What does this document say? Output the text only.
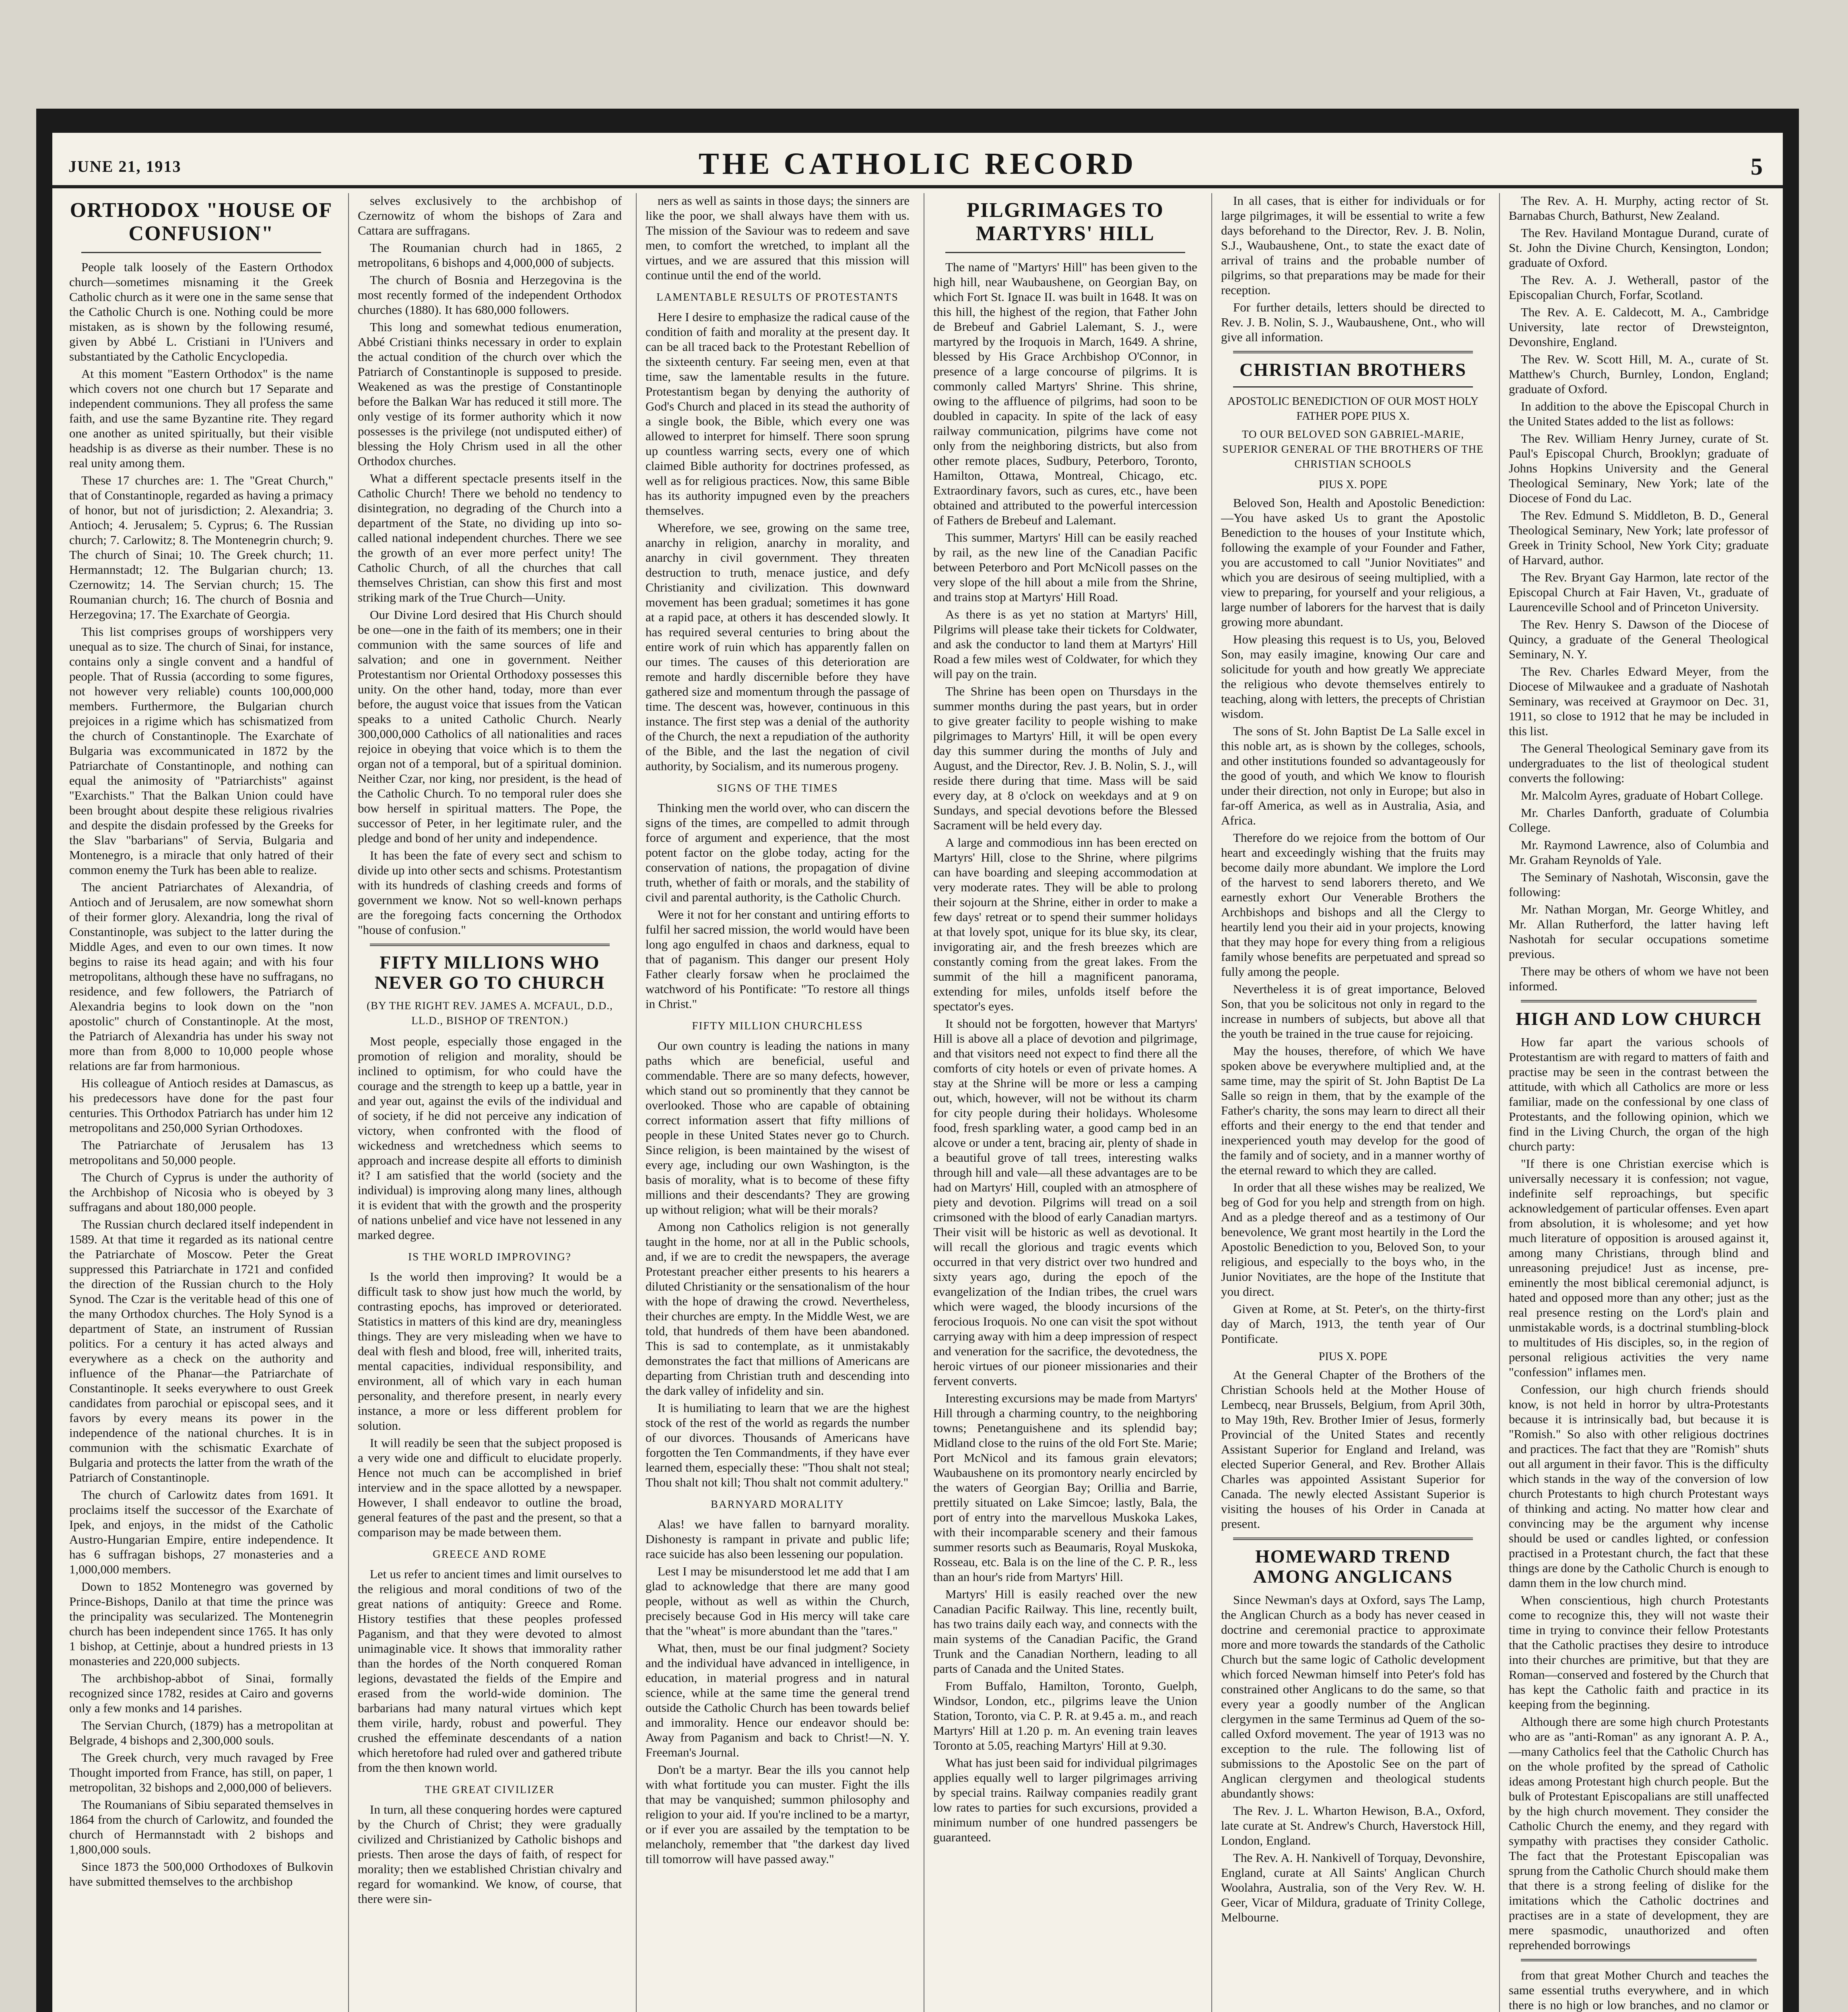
JUNE 21, 1913	THE CATHOLIC RECORD	5
ORTHODOX "HOUSE OF CONFUSION"

People talk loosely of the Eastern Orthodox church—sometimes misnaming it the Greek Catholic church as it were one in the same sense that the Catholic Church is one. Nothing could be more mistaken, as is shown by the following resumé, given by Abbé L. Cristiani in l'Univers and substantiated by the Catholic Encyclopedia.

At this moment "Eastern Orthodox" is the name which covers not one church but 17 Separate and independent communions. They all profess the same faith, and use the same Byzantine rite. They regard one another as united spiritually, but their visible headship is as diverse as their number. These is no real unity among them.

These 17 churches are: 1. The "Great Church," that of Constantinople, regarded as having a primacy of honor, but not of jurisdiction; 2. Alexandria; 3. Antioch; 4. Jerusalem; 5. Cyprus; 6. The Russian church; 7. Carlowitz; 8. The Montenegrin church; 9. The church of Sinai; 10. The Greek church; 11. Hermannstadt; 12. The Bulgarian church; 13. Czernowitz; 14. The Servian church; 15. The Roumanian church; 16. The church of Bosnia and Herzegovina; 17. The Exarchate of Georgia.

This list comprises groups of worshippers very unequal as to size. The church of Sinai, for instance, contains only a single convent and a handful of people. That of Russia (according to some figures, not however very reliable) counts 100,000,000 members. Furthermore, the Bulgarian church prejoices in a rigime which has schismatized from the church of Constantinople. The Exarchate of Bulgaria was excommunicated in 1872 by the Patriarchate of Constantinople, and nothing can equal the animosity of "Patriarchists" against "Exarchists." That the Balkan Union could have been brought about despite these religious rivalries and despite the disdain professed by the Greeks for the Slav "barbarians" of Servia, Bulgaria and Montenegro, is a miracle that only hatred of their common enemy the Turk has been able to realize.

The ancient Patriarchates of Alexandria, of Antioch and of Jerusalem, are now somewhat shorn of their former glory. Alexandria, long the rival of Constantinople, was subject to the latter during the Middle Ages, and even to our own times. It now begins to raise its head again; and with his four metropolitans, although these have no suffragans, no residence, and few followers, the Patriarch of Alexandria begins to look down on the "non apostolic" church of Constantinople. At the most, the Patriarch of Alexandria has under his sway not more than from 8,000 to 10,000 people whose relations are far from harmonious.

His colleague of Antioch resides at Damascus, as his predecessors have done for the past four centuries. This Orthodox Patriarch has under him 12 metropolitans and 250,000 Syrian Orthodoxes.

The Patriarchate of Jerusalem has 13 metropolitans and 50,000 people.

The Church of Cyprus is under the authority of the Archbishop of Nicosia who is obeyed by 3 suffragans and about 180,000 people.

The Russian church declared itself independent in 1589. At that time it regarded as its national centre the Patriarchate of Moscow. Peter the Great suppressed this Patriarchate in 1721 and confided the direction of the Russian church to the Holy Synod. The Czar is the veritable head of this one of the many Orthodox churches. The Holy Synod is a department of State, an instrument of Russian politics. For a century it has acted always and everywhere as a check on the authority and influence of the Phanar—the Patriarchate of Constantinople. It seeks everywhere to oust Greek candidates from parochial or episcopal sees, and it favors by every means its power in the independence of the national churches. It is in communion with the schismatic Exarchate of Bulgaria and protects the latter from the wrath of the Patriarch of Constantinople.

The church of Carlowitz dates from 1691. It proclaims itself the successor of the Exarchate of Ipek, and enjoys, in the midst of the Catholic Austro-Hungarian Empire, entire independence. It has 6 suffragan bishops, 27 monasteries and a 1,000,000 members.

Down to 1852 Montenegro was governed by Prince-Bishops, Danilo at that time the prince was the principality was secularized. The Montenegrin church has been independent since 1765. It has only 1 bishop, at Cettinje, about a hundred priests in 13 monasteries and 220,000 subjects.

The archbishop-abbot of Sinai, formally recognized since 1782, resides at Cairo and governs only a few monks and 14 parishes.

The Servian Church, (1879) has a metropolitan at Belgrade, 4 bishops and 2,300,000 souls.

The Greek church, very much ravaged by Free Thought imported from France, has still, on paper, 1 metropolitan, 32 bishops and 2,000,000 of believers.

The Roumanians of Sibiu separated themselves in 1864 from the church of Carlowitz, and founded the church of Hermannstadt with 2 bishops and 1,800,000 souls.

Since 1873 the 500,000 Orthodoxes of Bulkovin have submitted themselves to the archbishop

selves exclusively to the archbishop of Czernowitz of whom the bishops of Zara and Cattara are suffragans.

The Roumanian church had in 1865, 2 metropolitans, 6 bishops and 4,000,000 of subjects.

The church of Bosnia and Herzegovina is the most recently formed of the independent Orthodox churches (1880). It has 680,000 followers.

This long and somewhat tedious enumeration, Abbé Cristiani thinks necessary in order to explain the actual condition of the church over which the Patriarch of Constantinople is supposed to preside. Weakened as was the prestige of Constantinople before the Balkan War has reduced it still more. The only vestige of its former authority which it now possesses is the privilege (not undisputed either) of blessing the Holy Chrism used in all the other Orthodox churches.

What a different spectacle presents itself in the Catholic Church! There we behold no tendency to disintegration, no degrading of the Church into a department of the State, no dividing up into so-called national independent churches. There we see the growth of an ever more perfect unity! The Catholic Church, of all the churches that call themselves Christian, can show this first and most striking mark of the True Church—Unity.

Our Divine Lord desired that His Church should be one—one in the faith of its members; one in their communion with the same sources of life and salvation; and one in government. Neither Protestantism nor Oriental Orthodoxy possesses this unity. On the other hand, today, more than ever before, the august voice that issues from the Vatican speaks to a united Catholic Church. Nearly 300,000,000 Catholics of all nationalities and races rejoice in obeying that voice which is to them the organ not of a temporal, but of a spiritual dominion. Neither Czar, nor king, nor president, is the head of the Catholic Church. To no temporal ruler does she bow herself in spiritual matters. The Pope, the successor of Peter, in her legitimate ruler, and the pledge and bond of her unity and independence.

It has been the fate of every sect and schism to divide up into other sects and schisms. Protestantism with its hundreds of clashing creeds and forms of government we know. Not so well-known perhaps are the foregoing facts concerning the Orthodox "house of confusion."

FIFTY MILLIONS WHO NEVER GO TO CHURCH
(BY THE RIGHT REV. JAMES A. MCFAUL, D.D., LL.D., BISHOP OF TRENTON.)

Most people, especially those engaged in the promotion of religion and morality, should be inclined to optimism, for who could have the courage and the strength to keep up a battle, year in and year out, against the evils of the individual and of society, if he did not perceive any indication of victory, when confronted with the flood of wickedness and wretchedness which seems to approach and increase despite all efforts to diminish it? I am satisfied that the world (society and the individual) is improving along many lines, although it is evident that with the growth and the prosperity of nations unbelief and vice have not lessened in any marked degree.

IS THE WORLD IMPROVING?

Is the world then improving? It would be a difficult task to show just how much the world, by contrasting epochs, has improved or deteriorated. Statistics in matters of this kind are dry, meaningless things. They are very misleading when we have to deal with flesh and blood, free will, inherited traits, mental capacities, individual responsibility, and environment, all of which vary in each human personality, and therefore present, in nearly every instance, a more or less different problem for solution.

It will readily be seen that the subject proposed is a very wide one and difficult to elucidate properly. Hence not much can be accomplished in brief interview and in the space allotted by a newspaper. However, I shall endeavor to outline the broad, general features of the past and the present, so that a comparison may be made between them.

GREECE AND ROME

Let us refer to ancient times and limit ourselves to the religious and moral conditions of two of the great nations of antiquity: Greece and Rome. History testifies that these peoples professed Paganism, and that they were devoted to almost unimaginable vice. It shows that immorality rather than the hordes of the North conquered Roman legions, devastated the fields of the Empire and erased from the world-wide dominion. The barbarians had many natural virtues which kept them virile, hardy, robust and powerful. They crushed the effeminate descendants of a nation which heretofore had ruled over and gathered tribute from the then known world.

THE GREAT CIVILIZER

In turn, all these conquering hordes were captured by the Church of Christ; they were gradually civilized and Christianized by Catholic bishops and priests. Then arose the days of faith, of respect for morality; then we established Christian chivalry and regard for womankind. We know, of course, that there were sin-

ners as well as saints in those days; the sinners are like the poor, we shall always have them with us. The mission of the Saviour was to redeem and save men, to comfort the wretched, to implant all the virtues, and we are assured that this mission will continue until the end of the world.

LAMENTABLE RESULTS OF PROTESTANTS

Here I desire to emphasize the radical cause of the condition of faith and morality at the present day. It can be all traced back to the Protestant Rebellion of the sixteenth century. Far seeing men, even at that time, saw the lamentable results in the future. Protestantism began by denying the authority of God's Church and placed in its stead the authority of a single book, the Bible, which every one was allowed to interpret for himself. There soon sprung up countless warring sects, every one of which claimed Bible authority for doctrines professed, as well as for religious practices. Now, this same Bible has its authority impugned even by the preachers themselves.

Wherefore, we see, growing on the same tree, anarchy in religion, anarchy in morality, and anarchy in civil government. They threaten destruction to truth, menace justice, and defy Christianity and civilization. This downward movement has been gradual; sometimes it has gone at a rapid pace, at others it has descended slowly. It has required several centuries to bring about the entire work of ruin which has apparently fallen on our times. The causes of this deterioration are remote and hardly discernible before they have gathered size and momentum through the passage of time. The descent was, however, continuous in this instance. The first step was a denial of the authority of the Church, the next a repudiation of the authority of the Bible, and the last the negation of civil authority, by Socialism, and its numerous progeny.

SIGNS OF THE TIMES

Thinking men the world over, who can discern the signs of the times, are compelled to admit through force of argument and experience, that the most potent factor on the globe today, acting for the conservation of nations, the propagation of divine truth, whether of faith or morals, and the stability of civil and parental authority, is the Catholic Church.

Were it not for her constant and untiring efforts to fulfil her sacred mission, the world would have been long ago engulfed in chaos and darkness, equal to that of paganism. This danger our present Holy Father clearly forsaw when he proclaimed the watchword of his Pontificate: "To restore all things in Christ."

FIFTY MILLION CHURCHLESS

Our own country is leading the nations in many paths which are beneficial, useful and commendable. There are so many defects, however, which stand out so prominently that they cannot be overlooked. Those who are capable of obtaining correct information assert that fifty millions of people in these United States never go to Church. Since religion, is been maintained by the wisest of every age, including our own Washington, is the basis of morality, what is to become of these fifty millions and their descendants? They are growing up without religion; what will be their morals?

Among non Catholics religion is not generally taught in the home, nor at all in the Public schools, and, if we are to credit the newspapers, the average Protestant preacher either presents to his hearers a diluted Christianity or the sensationalism of the hour with the hope of drawing the crowd. Nevertheless, their churches are empty. In the Middle West, we are told, that hundreds of them have been abandoned. This is sad to contemplate, as it unmistakably demonstrates the fact that millions of Americans are departing from Christian truth and descending into the dark valley of infidelity and sin.

It is humiliating to learn that we are the highest stock of the rest of the world as regards the number of our divorces. Thousands of Americans have forgotten the Ten Commandments, if they have ever learned them, especially these: "Thou shalt not steal; Thou shalt not kill; Thou shalt not commit adultery."

BARNYARD MORALITY

Alas! we have fallen to barnyard morality. Dishonesty is rampant in private and public life; race suicide has also been lessening our population.

Lest I may be misunderstood let me add that I am glad to acknowledge that there are many good people, without as well as within the Church, precisely because God in His mercy will take care that the "wheat" is more abundant than the "tares."

What, then, must be our final judgment? Society and the individual have advanced in intelligence, in education, in material progress and in natural science, while at the same time the general trend outside the Catholic Church has been towards belief and immorality. Hence our endeavor should be: Away from Paganism and back to Christ!—N. Y. Freeman's Journal.

Don't be a martyr. Bear the ills you cannot help with what fortitude you can muster. Fight the ills that may be vanquished; summon philosophy and religion to your aid. If you're inclined to be a martyr, or if ever you are assailed by the temptation to be melancholy, remember that "the darkest day lived till tomorrow will have passed away."

PILGRIMAGES TO MARTYRS' HILL

The name of "Martyrs' Hill" has been given to the high hill, near Waubaushene, on Georgian Bay, on which Fort St. Ignace II. was built in 1648. It was on this hill, the highest of the region, that Father John de Brebeuf and Gabriel Lalemant, S. J., were martyred by the Iroquois in March, 1649. A shrine, blessed by His Grace Archbishop O'Connor, in presence of a large concourse of pilgrims. It is commonly called Martyrs' Shrine. This shrine, owing to the affluence of pilgrims, had soon to be doubled in capacity. In spite of the lack of easy railway communication, pilgrims have come not only from the neighboring districts, but also from other remote places, Sudbury, Peterboro, Toronto, Hamilton, Ottawa, Montreal, Chicago, etc. Extraordinary favors, such as cures, etc., have been obtained and attributed to the powerful intercession of Fathers de Brebeuf and Lalemant.

This summer, Martyrs' Hill can be easily reached by rail, as the new line of the Canadian Pacific between Peterboro and Port McNicoll passes on the very slope of the hill about a mile from the Shrine, and trains stop at Martyrs' Hill Road.

As there is as yet no station at Martyrs' Hill, Pilgrims will please take their tickets for Coldwater, and ask the conductor to land them at Martyrs' Hill Road a few miles west of Coldwater, for which they will pay on the train.

The Shrine has been open on Thursdays in the summer months during the past years, but in order to give greater facility to people wishing to make pilgrimages to Martyrs' Hill, it will be open every day this summer during the months of July and August, and the Director, Rev. J. B. Nolin, S. J., will reside there during that time. Mass will be said every day, at 8 o'clock on weekdays and at 9 on Sundays, and special devotions before the Blessed Sacrament will be held every day.

A large and commodious inn has been erected on Martyrs' Hill, close to the Shrine, where pilgrims can have boarding and sleeping accommodation at very moderate rates. They will be able to prolong their sojourn at the Shrine, either in order to make a few days' retreat or to spend their summer holidays at that lovely spot, unique for its blue sky, its clear, invigorating air, and the fresh breezes which are constantly coming from the great lakes. From the summit of the hill a magnificent panorama, extending for miles, unfolds itself before the spectator's eyes.

It should not be forgotten, however that Martyrs' Hill is above all a place of devotion and pilgrimage, and that visitors need not expect to find there all the comforts of city hotels or even of private homes. A stay at the Shrine will be more or less a camping out, which, however, will not be without its charm for city people during their holidays. Wholesome food, fresh sparkling water, a good camp bed in an alcove or under a tent, bracing air, plenty of shade in a beautiful grove of tall trees, interesting walks through hill and vale—all these advantages are to be had on Martyrs' Hill, coupled with an atmosphere of piety and devotion. Pilgrims will tread on a soil crimsoned with the blood of early Canadian martyrs. Their visit will be historic as well as devotional. It will recall the glorious and tragic events which occurred in that very district over two hundred and sixty years ago, during the epoch of the evangelization of the Indian tribes, the cruel wars which were waged, the bloody incursions of the ferocious Iroquois. No one can visit the spot without carrying away with him a deep impression of respect and veneration for the sacrifice, the devotedness, the heroic virtues of our pioneer missionaries and their fervent converts.

Interesting excursions may be made from Martyrs' Hill through a charming country, to the neighboring towns; Penetanguishene and its splendid bay; Midland close to the ruins of the old Fort Ste. Marie; Port McNicol and its famous grain elevators; Waubaushene on its promontory nearly encircled by the waters of Georgian Bay; Orillia and Barrie, prettily situated on Lake Simcoe; lastly, Bala, the port of entry into the marvellous Muskoka Lakes, with their incomparable scenery and their famous summer resorts such as Beaumaris, Royal Muskoka, Rosseau, etc. Bala is on the line of the C. P. R., less than an hour's ride from Martyrs' Hill.

Martyrs' Hill is easily reached over the new Canadian Pacific Railway. This line, recently built, has two trains daily each way, and connects with the main systems of the Canadian Pacific, the Grand Trunk and the Canadian Northern, leading to all parts of Canada and the United States.

From Buffalo, Hamilton, Toronto, Guelph, Windsor, London, etc., pilgrims leave the Union Station, Toronto, via C. P. R. at 9.45 a. m., and reach Martyrs' Hill at 1.20 p. m. An evening train leaves Toronto at 5.05, reaching Martyrs' Hill at 9.30.

What has just been said for individual pilgrimages applies equally well to larger pilgrimages arriving by special trains. Railway companies readily grant low rates to parties for such excursions, provided a minimum number of one hundred passengers be guaranteed.

In all cases, that is either for individuals or for large pilgrimages, it will be essential to write a few days beforehand to the Director, Rev. J. B. Nolin, S.J., Waubaushene, Ont., to state the exact date of arrival of trains and the probable number of pilgrims, so that preparations may be made for their reception.

For further details, letters should be directed to Rev. J. B. Nolin, S. J., Waubaushene, Ont., who will give all information.

CHRISTIAN BROTHERS
APOSTOLIC BENEDICTION OF OUR MOST HOLY FATHER POPE PIUS X.
TO OUR BELOVED SON GABRIEL-MARIE, SUPERIOR GENERAL OF THE BROTHERS OF THE CHRISTIAN SCHOOLS
PIUS X. POPE

Beloved Son, Health and Apostolic Benediction:—You have asked Us to grant the Apostolic Benediction to the houses of your Institute which, following the example of your Founder and Father, you are accustomed to call "Junior Novitiates" and which you are desirous of seeing multiplied, with a view to preparing, for yourself and your religious, a large number of laborers for the harvest that is daily growing more abundant.

How pleasing this request is to Us, you, Beloved Son, may easily imagine, knowing Our care and solicitude for youth and how greatly We appreciate the religious who devote themselves entirely to teaching, along with letters, the precepts of Christian wisdom.

The sons of St. John Baptist De La Salle excel in this noble art, as is shown by the colleges, schools, and other institutions founded so advantageously for the good of youth, and which We know to flourish under their direction, not only in Europe; but also in far-off America, as well as in Australia, Asia, and Africa.

Therefore do we rejoice from the bottom of Our heart and exceedingly wishing that the fruits may become daily more abundant. We implore the Lord of the harvest to send laborers thereto, and We earnestly exhort Our Venerable Brothers the Archbishops and bishops and all the Clergy to heartily lend you their aid in your projects, knowing that they may hope for every thing from a religious family whose benefits are perpetuated and spread so fully among the people.

Nevertheless it is of great importance, Beloved Son, that you be solicitous not only in regard to the increase in numbers of subjects, but above all that the youth be trained in the true cause for rejoicing.

May the houses, therefore, of which We have spoken above be everywhere multiplied and, at the same time, may the spirit of St. John Baptist De La Salle so reign in them, that by the example of the Father's charity, the sons may learn to direct all their efforts and their energy to the end that tender and inexperienced youth may develop for the good of the family and of society, and in a manner worthy of the eternal reward to which they are called.

In order that all these wishes may be realized, We beg of God for you help and strength from on high. And as a pledge thereof and as a testimony of Our benevolence, We grant most heartily in the Lord the Apostolic Benediction to you, Beloved Son, to your religious, and especially to the boys who, in the Junior Novitiates, are the hope of the Institute that you direct.

Given at Rome, at St. Peter's, on the thirty-first day of March, 1913, the tenth year of Our Pontificate.

PIUS X. POPE

At the General Chapter of the Brothers of the Christian Schools held at the Mother House of Lembecq, near Brussels, Belgium, from April 30th, to May 19th, Rev. Brother Imier of Jesus, formerly Provincial of the United States and recently Assistant Superior for England and Ireland, was elected Superior General, and Rev. Brother Allais Charles was appointed Assistant Superior for Canada. The newly elected Assistant Superior is visiting the houses of his Order in Canada at present.

HOMEWARD TREND AMONG ANGLICANS

Since Newman's days at Oxford, says The Lamp, the Anglican Church as a body has never ceased in doctrine and ceremonial practice to approximate more and more towards the standards of the Catholic Church but the same logic of Catholic development which forced Newman himself into Peter's fold has constrained other Anglicans to do the same, so that every year a goodly number of the Anglican clergymen in the same Terminus ad Quem of the so-called Oxford movement. The year of 1913 was no exception to the rule. The following list of submissions to the Apostolic See on the part of Anglican clergymen and theological students abundantly shows:

The Rev. J. L. Wharton Hewison, B.A., Oxford, late curate at St. Andrew's Church, Haverstock Hill, London, England.

The Rev. A. H. Nankivell of Torquay, Devonshire, England, curate at All Saints' Anglican Church Woolahra, Australia, son of the Very Rev. W. H. Geer, Vicar of Mildura, graduate of Trinity College, Melbourne.

The Rev. A. H. Murphy, acting rector of St. Barnabas Church, Bathurst, New Zealand.

The Rev. Haviland Montague Durand, curate of St. John the Divine Church, Kensington, London; graduate of Oxford.

The Rev. A. J. Wetherall, pastor of the Episcopalian Church, Forfar, Scotland.

The Rev. A. E. Caldecott, M. A., Cambridge University, late rector of Drewsteignton, Devonshire, England.

The Rev. W. Scott Hill, M. A., curate of St. Matthew's Church, Burnley, London, England; graduate of Oxford.

In addition to the above the Episcopal Church in the United States added to the list as follows:

The Rev. William Henry Jurney, curate of St. Paul's Episcopal Church, Brooklyn; graduate of Johns Hopkins University and the General Theological Seminary, New York; late of the Diocese of Fond du Lac.

The Rev. Edmund S. Middleton, B. D., General Theological Seminary, New York; late professor of Greek in Trinity School, New York City; graduate of Harvard, author.

The Rev. Bryant Gay Harmon, late rector of the Episcopal Church at Fair Haven, Vt., graduate of Laurenceville School and of Princeton University.

The Rev. Henry S. Dawson of the Diocese of Quincy, a graduate of the General Theological Seminary, N. Y.

The Rev. Charles Edward Meyer, from the Diocese of Milwaukee and a graduate of Nashotah Seminary, was received at Graymoor on Dec. 31, 1911, so close to 1912 that he may be included in this list.

The General Theological Seminary gave from its undergraduates to the list of theological student converts the following:

Mr. Malcolm Ayres, graduate of Hobart College.

Mr. Charles Danforth, graduate of Columbia College.

Mr. Raymond Lawrence, also of Columbia and Mr. Graham Reynolds of Yale.

The Seminary of Nashotah, Wisconsin, gave the following:

Mr. Nathan Morgan, Mr. George Whitley, and Mr. Allan Rutherford, the latter having left Nashotah for secular occupations sometime previous.

There may be others of whom we have not been informed.

HIGH AND LOW CHURCH

How far apart the various schools of Protestantism are with regard to matters of faith and practise may be seen in the contrast between the attitude, with which all Catholics are more or less familiar, made on the confessional by one class of Protestants, and the following opinion, which we find in the Living Church, the organ of the high church party:

"If there is one Christian exercise which is universally necessary it is confession; not vague, indefinite self reproachings, but specific acknowledgement of particular offenses. Even apart from absolution, it is wholesome; and yet how much literature of opposition is aroused against it, among many Christians, through blind and unreasoning prejudice! Just as incense, pre-eminently the most biblical ceremonial adjunct, is hated and opposed more than any other; just as the real presence resting on the Lord's plain and unmistakable words, is a doctrinal stumbling-block to multitudes of His disciples, so, in the region of personal religious activities the very name "confession" inflames men.

Confession, our high church friends should know, is not held in horror by ultra-Protestants because it is intrinsically bad, but because it is "Romish." So also with other religious doctrines and practices. The fact that they are "Romish" shuts out all argument in their favor. This is the difficulty which stands in the way of the conversion of low church Protestants to high church Protestant ways of thinking and acting. No matter how clear and convincing may be the argument why incense should be used or candles lighted, or confession practised in a Protestant church, the fact that these things are done by the Catholic Church is enough to damn them in the low church mind.

When conscientious, high church Protestants come to recognize this, they will not waste their time in trying to convince their fellow Protestants that the Catholic practises they desire to introduce into their churches are primitive, but that they are Roman—conserved and fostered by the Church that has kept the Catholic faith and practice in its keeping from the beginning.

Although there are some high church Protestants who are as "anti-Roman" as any ignorant A. P. A.,—many Catholics feel that the Catholic Church has on the whole profited by the spread of Catholic ideas among Protestant high church people. But the bulk of Protestant Episcopalians are still unaffected by the high church movement. They consider the Catholic Church the enemy, and they regard with sympathy with practises they consider Catholic. The fact that the Protestant Episcopalian was sprung from the Catholic Church should make them that there is a strong feeling of dislike for the imitations which the Catholic doctrines and practises are in a state of development, they are mere spasmodic, unauthorized and often reprehended borrowings

from that great Mother Church and teaches the same essential truths everywhere, and in which there is no high or low branches, and no clamor or
